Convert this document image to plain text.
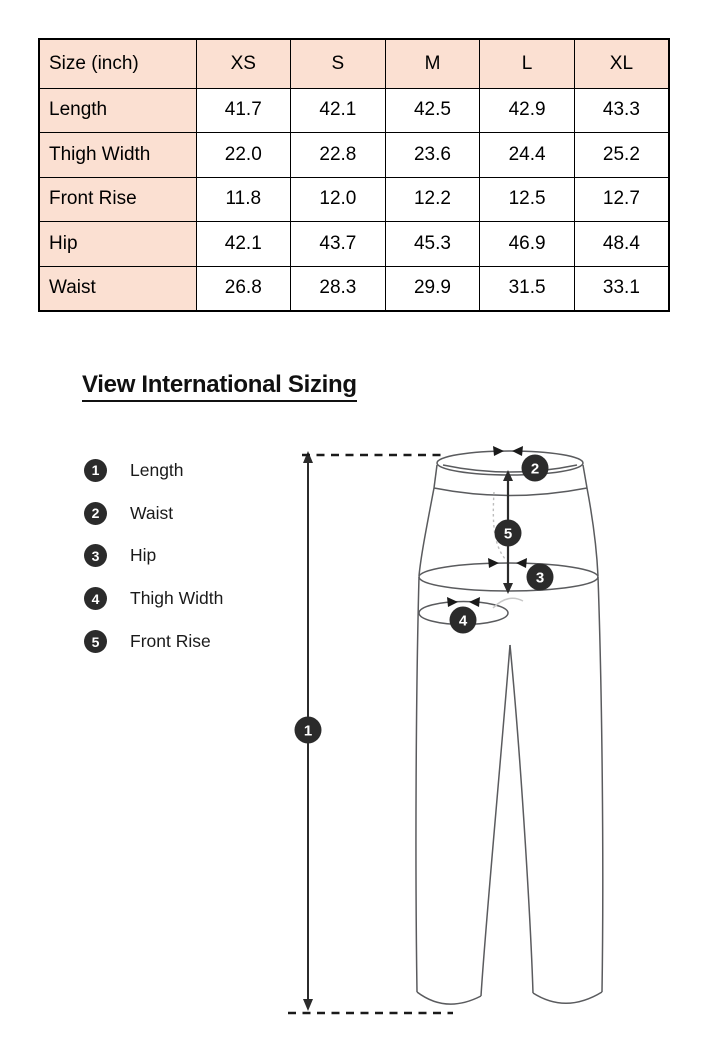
Size (inch)	XS	S	M	L	XL
Length	41.7	42.1	42.5	42.9	43.3
Thigh Width	22.0	22.8	23.6	24.4	25.2
Front Rise	11.8	12.0	12.2	12.5	12.7
Hip	42.1	43.7	45.3	46.9	48.4
Waist	26.8	28.3	29.9	31.5	33.1
View International Sizing
1	Length
2	Waist
3	Hip
4	Thigh Width
5	Front Rise
1
2
3
4
5
